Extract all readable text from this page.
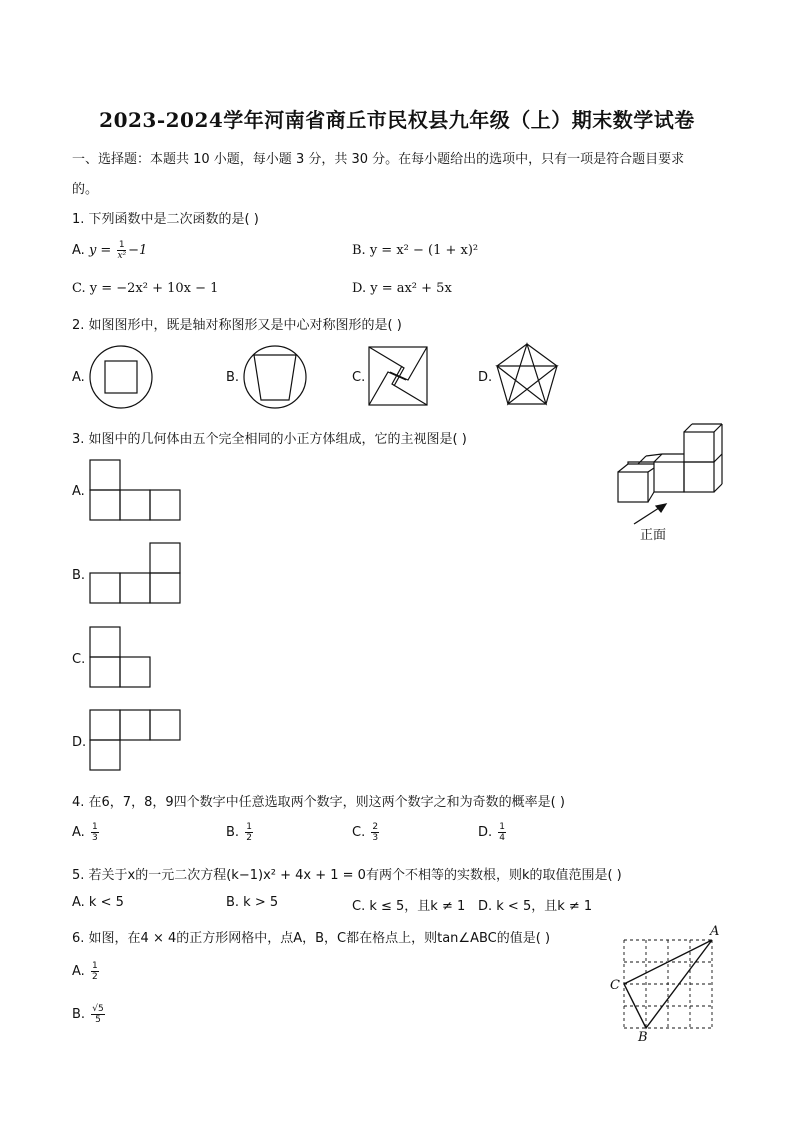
2023-2024学年河南省商丘市民权县九年级（上）期末数学试卷
一、选择题：本题共 10 小题，每小题 3 分，共 30 分。在每小题给出的选项中，只有一项是符合题目要求
的。
1. 下列函数中是二次函数的是( )
A. $y = \frac{1}{\text{x²}} -1$	B. y = x² − (1 + x)²
C. y = −2x² + 10x − 1	D. y = ax² + 5x
2. 如图图形中，既是轴对称图形又是中心对称图形的是( )
A.	B.	C.	D.
3. 如图中的几何体由五个完全相同的小正方体组成，它的主视图是( )
A.
B.
C.
D.
正面
4. 在6，7，8，9四个数字中任意选取两个数字，则这两个数字之和为奇数的概率是( )
A. $\frac{1}{3}$	B. $\frac{1}{2}$	C. $\frac{2}{3}$	D. $\frac{1}{4}$
5. 若关于x的一元二次方程(k−1)x² + 4x + 1 = 0有两个不相等的实数根，则k的取值范围是( )
A. k < 5	B. k > 5	C. k ≤ 5，且k ≠ 1 D. k < 5，且k ≠ 1
6. 如图，在4 × 4的正方形网格中，点A，B，C都在格点上，则tan∠ABC的值是( )
A. $\frac{1}{2}$
B. $\frac{√5}{5}$
A
C
B
